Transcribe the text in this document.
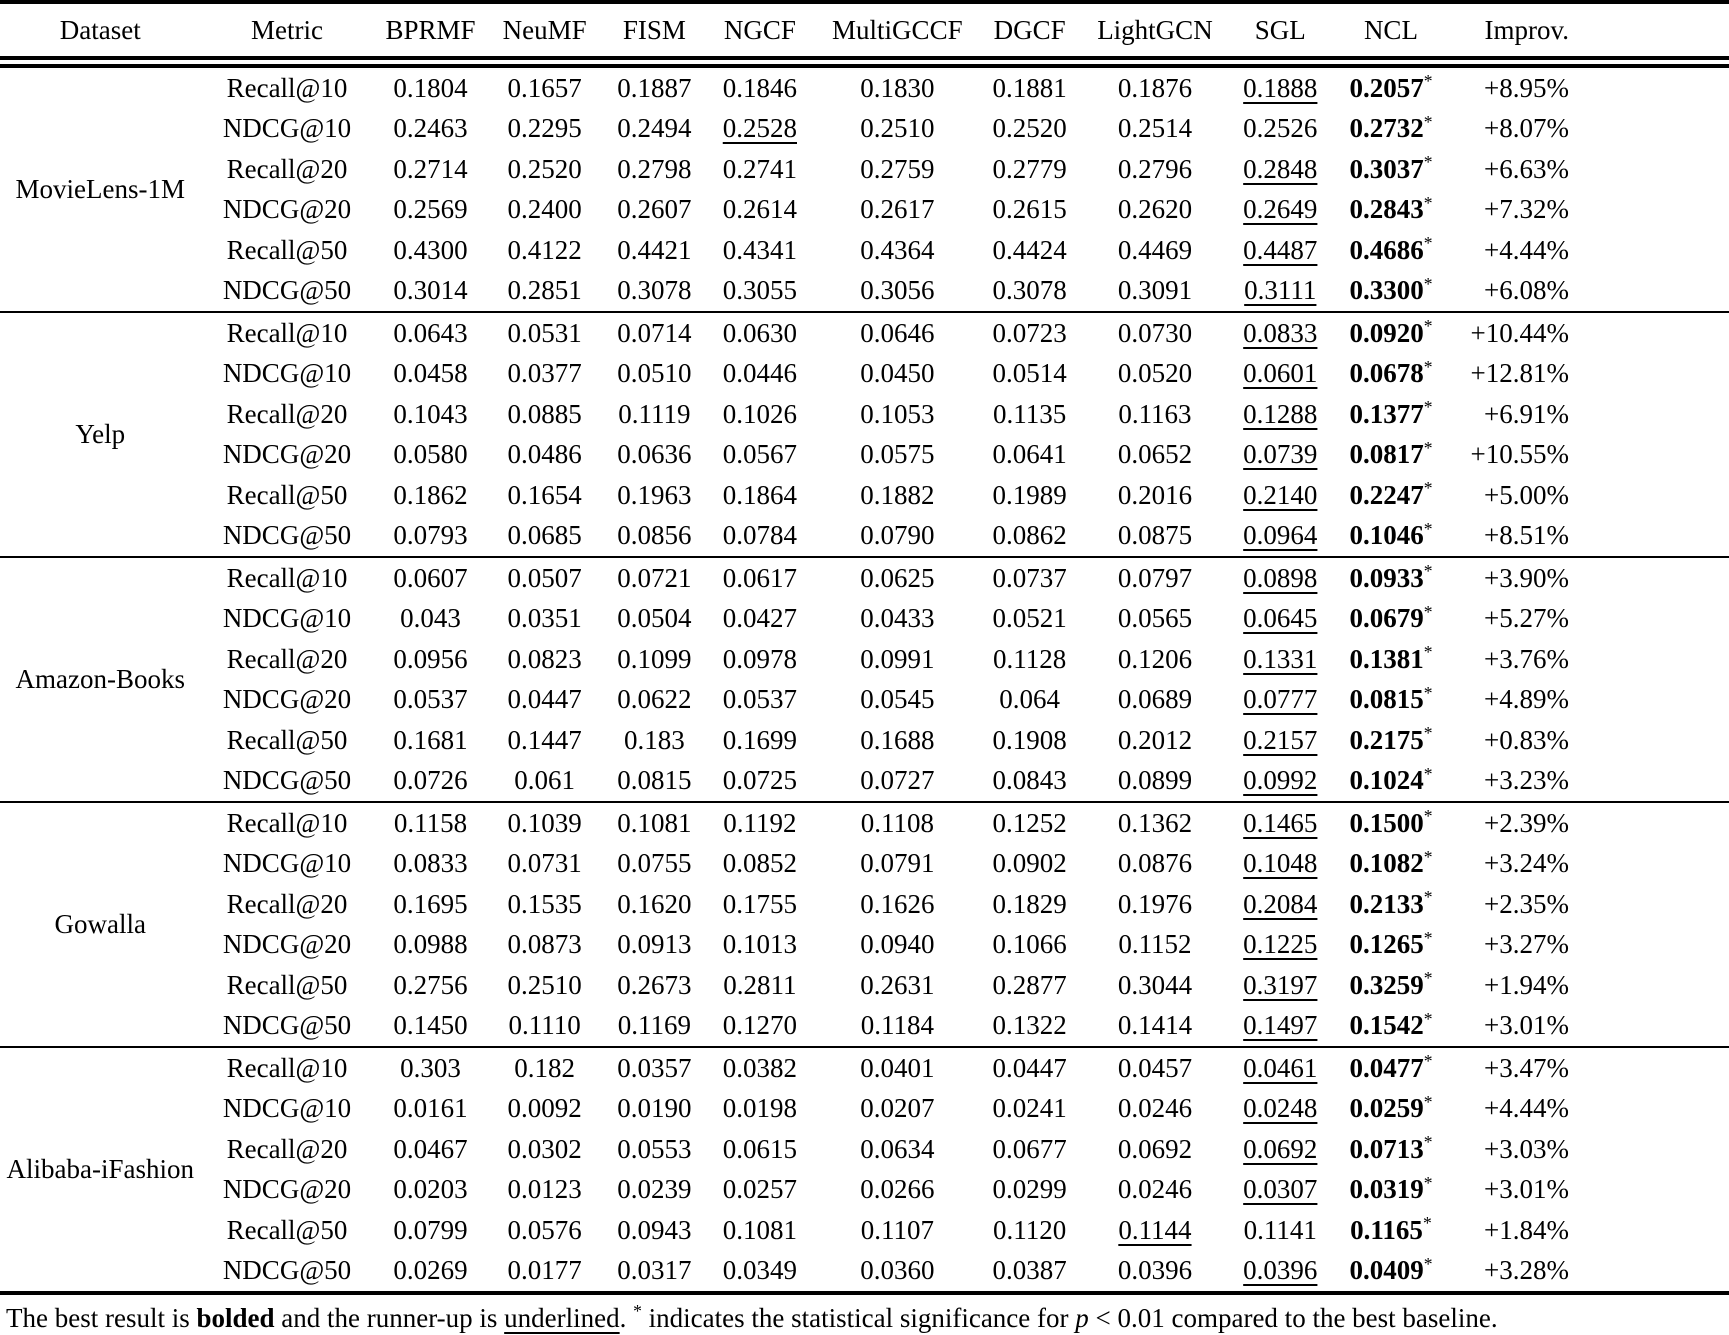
Dataset	Metric	BPRMF	NeuMF	FISM	NGCF	MultiGCCF	DGCF	LightGCN	SGL	NCL	Improv.
MovieLens-1M	Recall@10	0.1804	0.1657	0.1887	0.1846	0.1830	0.1881	0.1876	0.1888	0.2057*	+8.95%
	NDCG@10	0.2463	0.2295	0.2494	0.2528	0.2510	0.2520	0.2514	0.2526	0.2732*	+8.07%
	Recall@20	0.2714	0.2520	0.2798	0.2741	0.2759	0.2779	0.2796	0.2848	0.3037*	+6.63%
	NDCG@20	0.2569	0.2400	0.2607	0.2614	0.2617	0.2615	0.2620	0.2649	0.2843*	+7.32%
	Recall@50	0.4300	0.4122	0.4421	0.4341	0.4364	0.4424	0.4469	0.4487	0.4686*	+4.44%
	NDCG@50	0.3014	0.2851	0.3078	0.3055	0.3056	0.3078	0.3091	0.3111	0.3300*	+6.08%
Yelp	Recall@10	0.0643	0.0531	0.0714	0.0630	0.0646	0.0723	0.0730	0.0833	0.0920*	+10.44%
	NDCG@10	0.0458	0.0377	0.0510	0.0446	0.0450	0.0514	0.0520	0.0601	0.0678*	+12.81%
	Recall@20	0.1043	0.0885	0.1119	0.1026	0.1053	0.1135	0.1163	0.1288	0.1377*	+6.91%
	NDCG@20	0.0580	0.0486	0.0636	0.0567	0.0575	0.0641	0.0652	0.0739	0.0817*	+10.55%
	Recall@50	0.1862	0.1654	0.1963	0.1864	0.1882	0.1989	0.2016	0.2140	0.2247*	+5.00%
	NDCG@50	0.0793	0.0685	0.0856	0.0784	0.0790	0.0862	0.0875	0.0964	0.1046*	+8.51%
Amazon-Books	Recall@10	0.0607	0.0507	0.0721	0.0617	0.0625	0.0737	0.0797	0.0898	0.0933*	+3.90%
	NDCG@10	0.043	0.0351	0.0504	0.0427	0.0433	0.0521	0.0565	0.0645	0.0679*	+5.27%
	Recall@20	0.0956	0.0823	0.1099	0.0978	0.0991	0.1128	0.1206	0.1331	0.1381*	+3.76%
	NDCG@20	0.0537	0.0447	0.0622	0.0537	0.0545	0.064	0.0689	0.0777	0.0815*	+4.89%
	Recall@50	0.1681	0.1447	0.183	0.1699	0.1688	0.1908	0.2012	0.2157	0.2175*	+0.83%
	NDCG@50	0.0726	0.061	0.0815	0.0725	0.0727	0.0843	0.0899	0.0992	0.1024*	+3.23%
Gowalla	Recall@10	0.1158	0.1039	0.1081	0.1192	0.1108	0.1252	0.1362	0.1465	0.1500*	+2.39%
	NDCG@10	0.0833	0.0731	0.0755	0.0852	0.0791	0.0902	0.0876	0.1048	0.1082*	+3.24%
	Recall@20	0.1695	0.1535	0.1620	0.1755	0.1626	0.1829	0.1976	0.2084	0.2133*	+2.35%
	NDCG@20	0.0988	0.0873	0.0913	0.1013	0.0940	0.1066	0.1152	0.1225	0.1265*	+3.27%
	Recall@50	0.2756	0.2510	0.2673	0.2811	0.2631	0.2877	0.3044	0.3197	0.3259*	+1.94%
	NDCG@50	0.1450	0.1110	0.1169	0.1270	0.1184	0.1322	0.1414	0.1497	0.1542*	+3.01%
Alibaba-iFashion	Recall@10	0.303	0.182	0.0357	0.0382	0.0401	0.0447	0.0457	0.0461	0.0477*	+3.47%
	NDCG@10	0.0161	0.0092	0.0190	0.0198	0.0207	0.0241	0.0246	0.0248	0.0259*	+4.44%
	Recall@20	0.0467	0.0302	0.0553	0.0615	0.0634	0.0677	0.0692	0.0692	0.0713*	+3.03%
	NDCG@20	0.0203	0.0123	0.0239	0.0257	0.0266	0.0299	0.0246	0.0307	0.0319*	+3.01%
	Recall@50	0.0799	0.0576	0.0943	0.1081	0.1107	0.1120	0.1144	0.1141	0.1165*	+1.84%
	NDCG@50	0.0269	0.0177	0.0317	0.0349	0.0360	0.0387	0.0396	0.0396	0.0409*	+3.28%
The best result is bolded and the runner-up is underlined. * indicates the statistical significance for p < 0.01 compared to the best baseline.
